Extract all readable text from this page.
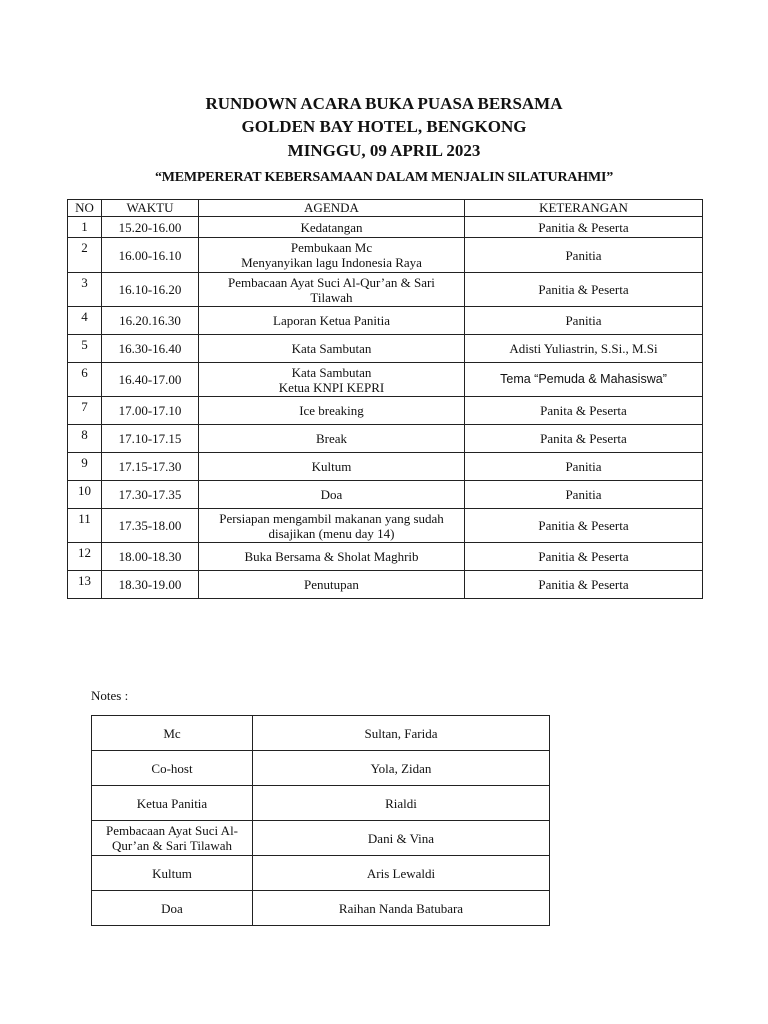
RUNDOWN ACARA BUKA PUASA BERSAMA
GOLDEN BAY HOTEL, BENGKONG
MINGGU, 09 APRIL 2023
“MEMPERERAT KEBERSAMAAN DALAM MENJALIN SILATURAHMI”
NO	WAKTU	AGENDA	KETERANGAN
1	15.20-16.00	Kedatangan	Panitia & Peserta
2	16.00-16.10	Pembukaan Mc
Menyanyikan lagu Indonesia Raya	Panitia
3	16.10-16.20	Pembacaan Ayat Suci Al-Qur’an & Sari
Tilawah	Panitia & Peserta
4	16.20.16.30	Laporan Ketua Panitia	Panitia
5	16.30-16.40	Kata Sambutan	Adisti Yuliastrin, S.Si., M.Si
6	16.40-17.00	Kata Sambutan
Ketua KNPI KEPRI	Tema “Pemuda & Mahasiswa”
7	17.00-17.10	Ice breaking	Panita & Peserta
8	17.10-17.15	Break	Panita & Peserta
9	17.15-17.30	Kultum	Panitia
10	17.30-17.35	Doa	Panitia
11	17.35-18.00	Persiapan mengambil makanan yang sudah
disajikan (menu day 14)	Panitia & Peserta
12	18.00-18.30	Buka Bersama & Sholat Maghrib	Panitia & Peserta
13	18.30-19.00	Penutupan	Panitia & Peserta
Notes :
Mc	Sultan, Farida

Co-host	Yola, Zidan

Ketua Panitia	Rialdi

Pembacaan Ayat Suci Al-
Qur’an & Sari Tilawah	Dani & Vina

Kultum	Aris Lewaldi

Doa	Raihan Nanda Batubara
